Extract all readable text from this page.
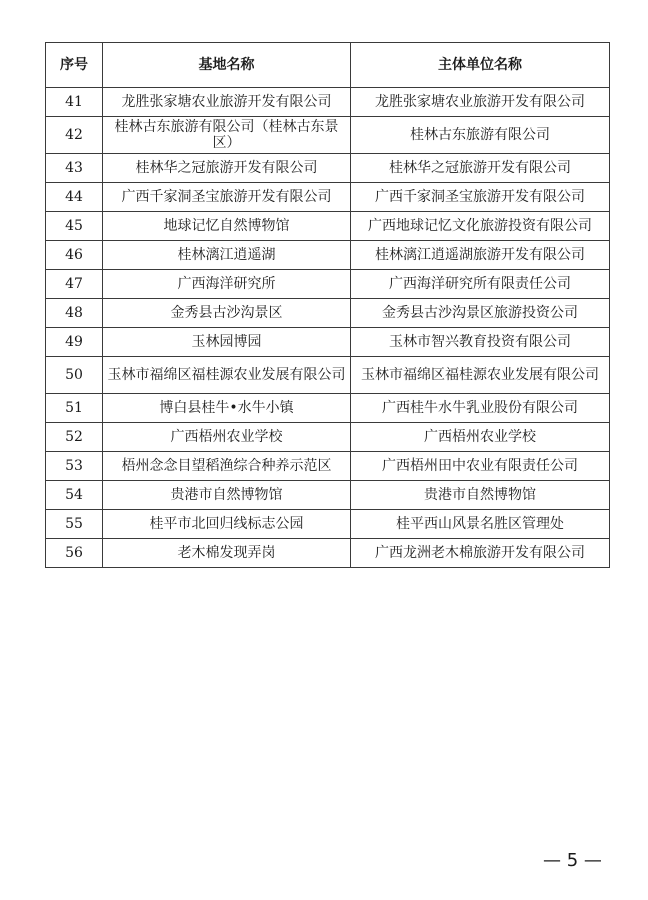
序号	基地名称	主体单位名称
41	龙胜张家塘农业旅游开发有限公司	龙胜张家塘农业旅游开发有限公司
42	桂林古东旅游有限公司（桂林古东景区）	桂林古东旅游有限公司
43	桂林华之冠旅游开发有限公司	桂林华之冠旅游开发有限公司
44	广西千家洞圣宝旅游开发有限公司	广西千家洞圣宝旅游开发有限公司
45	地球记忆自然博物馆	广西地球记忆文化旅游投资有限公司
46	桂林漓江逍遥湖	桂林漓江逍遥湖旅游开发有限公司
47	广西海洋研究所	广西海洋研究所有限责任公司
48	金秀县古沙沟景区	金秀县古沙沟景区旅游投资公司
49	玉林园博园	玉林市智兴教育投资有限公司
50	玉林市福绵区福桂源农业发展有限公司	玉林市福绵区福桂源农业发展有限公司
51	博白县桂牛•水牛小镇	广西桂牛水牛乳业股份有限公司
52	广西梧州农业学校	广西梧州农业学校
53	梧州念念目望稻渔综合种养示范区	广西梧州田中农业有限责任公司
54	贵港市自然博物馆	贵港市自然博物馆
55	桂平市北回归线标志公园	桂平西山风景名胜区管理处
56	老木棉发现弄岗	广西龙洲老木棉旅游开发有限公司
— 5 —
